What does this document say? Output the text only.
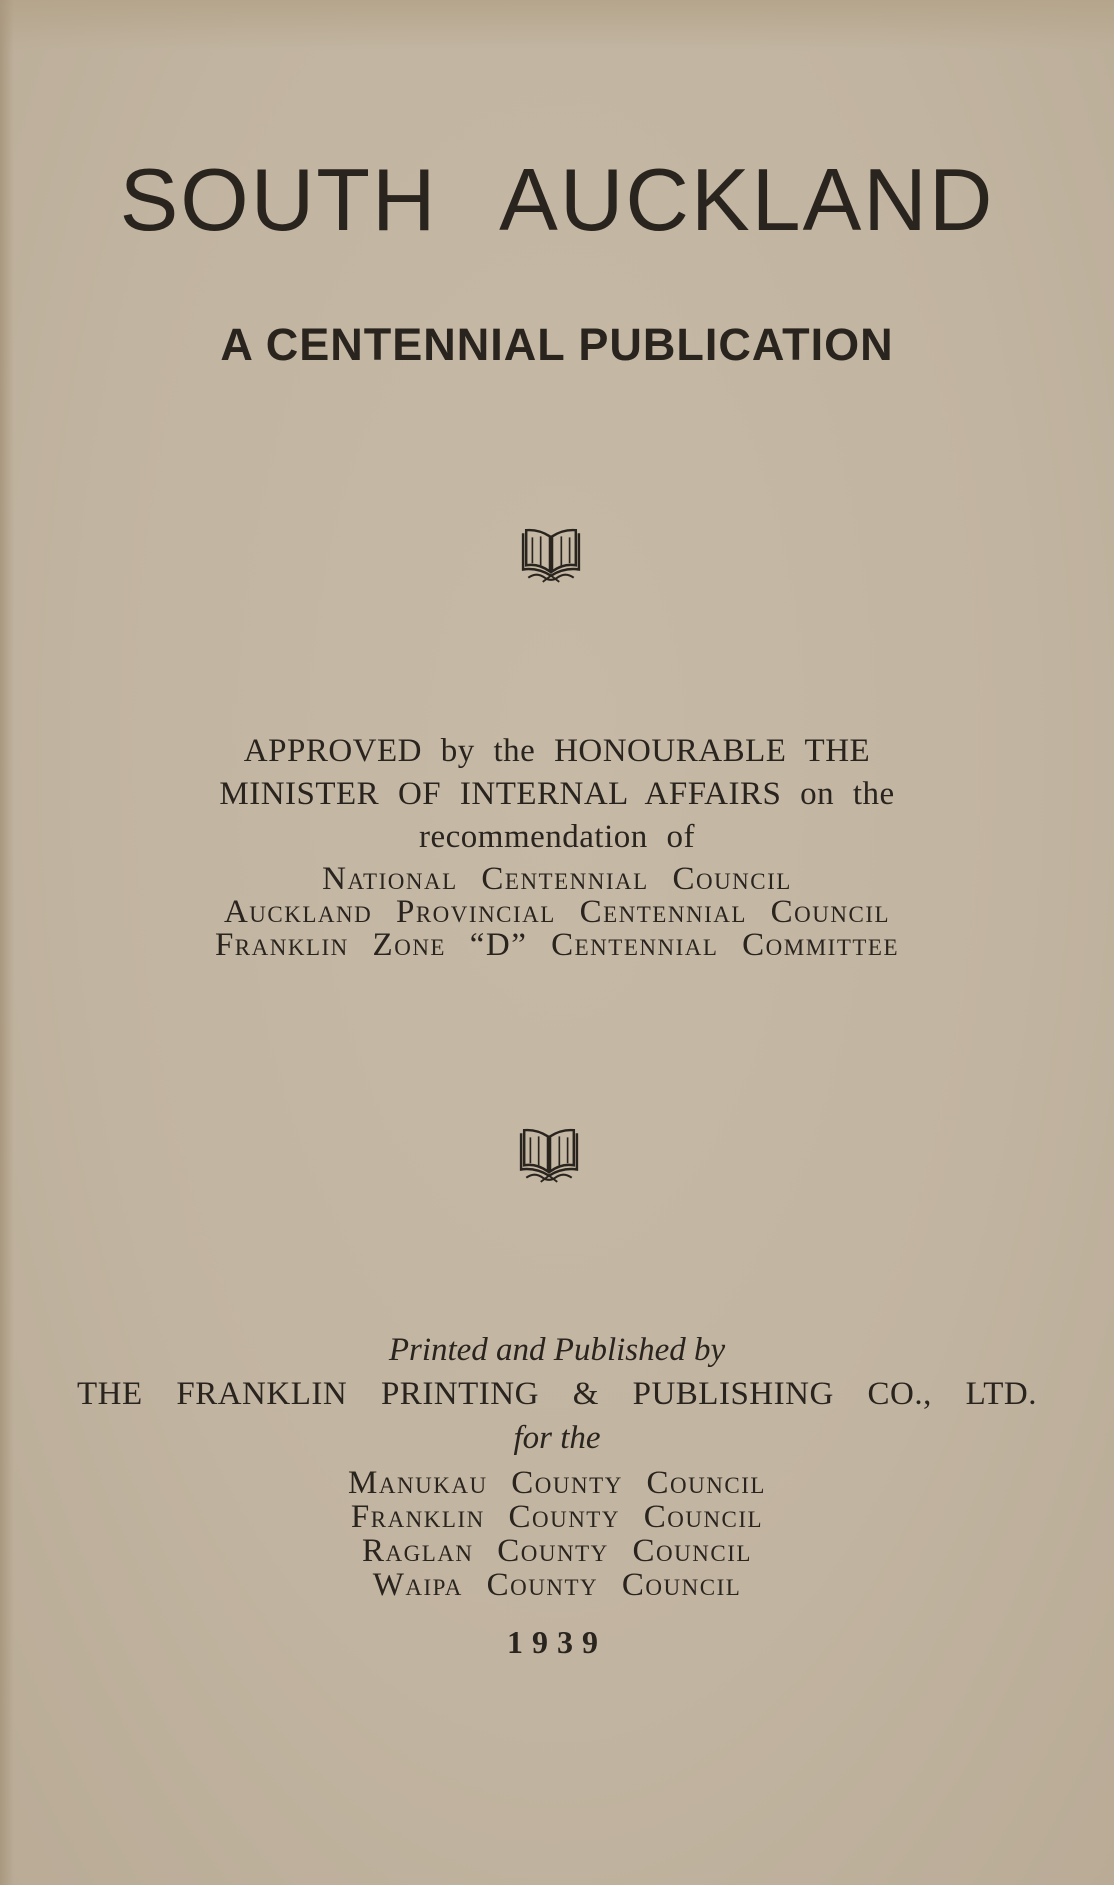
SOUTH AUCKLAND
A CENTENNIAL PUBLICATION
APPROVED by the HONOURABLE THE
MINISTER OF INTERNAL AFFAIRS on the
recommendation of
National Centennial Council
Auckland Provincial Centennial Council
Franklin Zone “D” Centennial Committee
Printed and Published by
THE FRANKLIN PRINTING & PUBLISHING CO., LTD.
for the
Manukau County Council
Franklin County Council
Raglan County Council
Waipa County Council
1939
